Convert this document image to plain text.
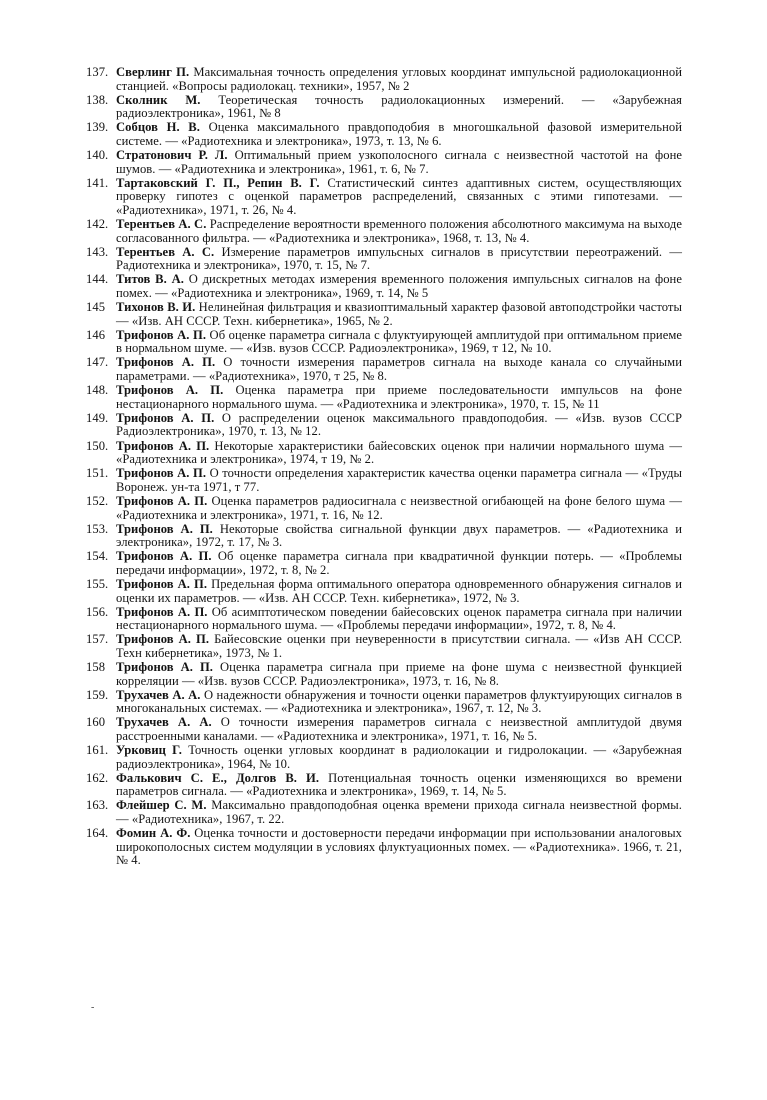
137. Сверлинг П. Максимальная точность определения угловых координат импульсной радиолокационной станцией. «Вопросы радиолокац. техники», 1957, № 2
138. Сколник М. Теоретическая точность радиолокационных измерений. — «Зарубежная радиоэлектроника», 1961, № 8
139. Собцов Н. В. Оценка максимального правдоподобия в многошкальной фазовой измерительной системе. — «Радиотехника и электроника», 1973, т. 13, № 6.
140. Стратонович Р. Л. Оптимальный прием узкополосного сигнала с неизвестной частотой на фоне шумов. — «Радиотехника и электроника», 1961, т. 6, № 7.
141. Тартаковский Г. П., Репин В. Г. Статистический синтез адаптивных систем, осуществляющих проверку гипотез с оценкой параметров распределений, связанных с этими гипотезами. — «Радиотехника», 1971, т. 26, № 4.
142. Терентьев А. С. Распределение вероятности временного положения абсолютного максимума на выходе согласованного фильтра. — «Радиотехника и электроника», 1968, т. 13, № 4.
143. Терентьев А. С. Измерение параметров импульсных сигналов в присутствии переотражений. — Радиотехника и электроника», 1970, т. 15, № 7.
144. Титов В. А. О дискретных методах измерения временного положения импульсных сигналов на фоне помех. — «Радиотехника и электроника», 1969, т. 14, № 5
145 Тихонов В. И. Нелинейная фильтрация и квазиоптимальный характер фазовой автоподстройки частоты — «Изв. АН СССР. Техн. кибернетика», 1965, № 2.
146 Трифонов А. П. Об оценке параметра сигнала с флуктуирующей амплитудой при оптимальном приеме в нормальном шуме. — «Изв. вузов СССР. Радиоэлектроника», 1969, т 12, № 10.
147. Трифонов А. П. О точности измерения параметров сигнала на выходе канала со случайными параметрами. — «Радиотехника», 1970, т 25, № 8.
148. Трифонов А. П. Оценка параметра при приеме последовательности импульсов на фоне нестационарного нормального шума. — «Радиотехника и электроника», 1970, т. 15, № 11
149. Трифонов А. П. О распределении оценок максимального правдоподобия. — «Изв. вузов СССР Радиоэлектроника», 1970, т. 13, № 12.
150. Трифонов А. П. Некоторые характеристики байесовских оценок при наличии нормального шума — «Радиотехника и электроника», 1974, т 19, № 2.
151. Трифонов А. П. О точности определения характеристик качества оценки параметра сигнала — «Труды Воронеж. ун-та 1971, т 77.
152. Трифонов А. П. Оценка параметров радиосигнала с неизвестной огибающей на фоне белого шума — «Радиотехника и электроника», 1971, т. 16, № 12.
153. Трифонов А. П. Некоторые свойства сигнальной функции двух параметров. — «Радиотехника и электроника», 1972, т. 17, № 3.
154. Трифонов А. П. Об оценке параметра сигнала при квадратичной функции потерь. — «Проблемы передачи информации», 1972, т. 8, № 2.
155. Трифонов А. П. Предельная форма оптимального оператора одновременного обнаружения сигналов и оценки их параметров. — «Изв. АН СССР. Техн. кибернетика», 1972, № 3.
156. Трифонов А. П. Об асимптотическом поведении байесовских оценок параметра сигнала при наличии нестационарного нормального шума. — «Проблемы передачи информации», 1972, т. 8, № 4.
157. Трифонов А. П. Байесовские оценки при неуверенности в присутствии сигнала. — «Изв АН СССР. Техн кибернетика», 1973, № 1.
158 Трифонов А. П. Оценка параметра сигнала при приеме на фоне шума с неизвестной функцией корреляции — «Изв. вузов СССР. Радиоэлектроника», 1973, т. 16, № 8.
159. Трухачев А. А. О надежности обнаружения и точности оценки параметров флуктуирующих сигналов в многоканальных системах. — «Радиотехника и электроника», 1967, т. 12, № 3.
160 Трухачев А. А. О точности измерения параметров сигнала с неизвестной амплитудой двумя расстроенными каналами. — «Радиотехника и электроника», 1971, т. 16, № 5.
161. Урковиц Г. Точность оценки угловых координат в радиолокации и гидролокации. — «Зарубежная радиоэлектроника», 1964, № 10.
162. Фалькович С. Е., Долгов В. И. Потенциальная точность оценки изменяющихся во времени параметров сигнала. — «Радиотехника и электроника», 1969, т. 14, № 5.
163. Флейшер С. М. Максимально правдоподобная оценка времени прихода сигнала неизвестной формы. — «Радиотехника», 1967, т. 22.
164. Фомин А. Ф. Оценка точности и достоверности передачи информации при использовании аналоговых широкополосных систем модуляции в условиях флуктуационных помех. — «Радиотехника». 1966, т. 21, № 4.
-
